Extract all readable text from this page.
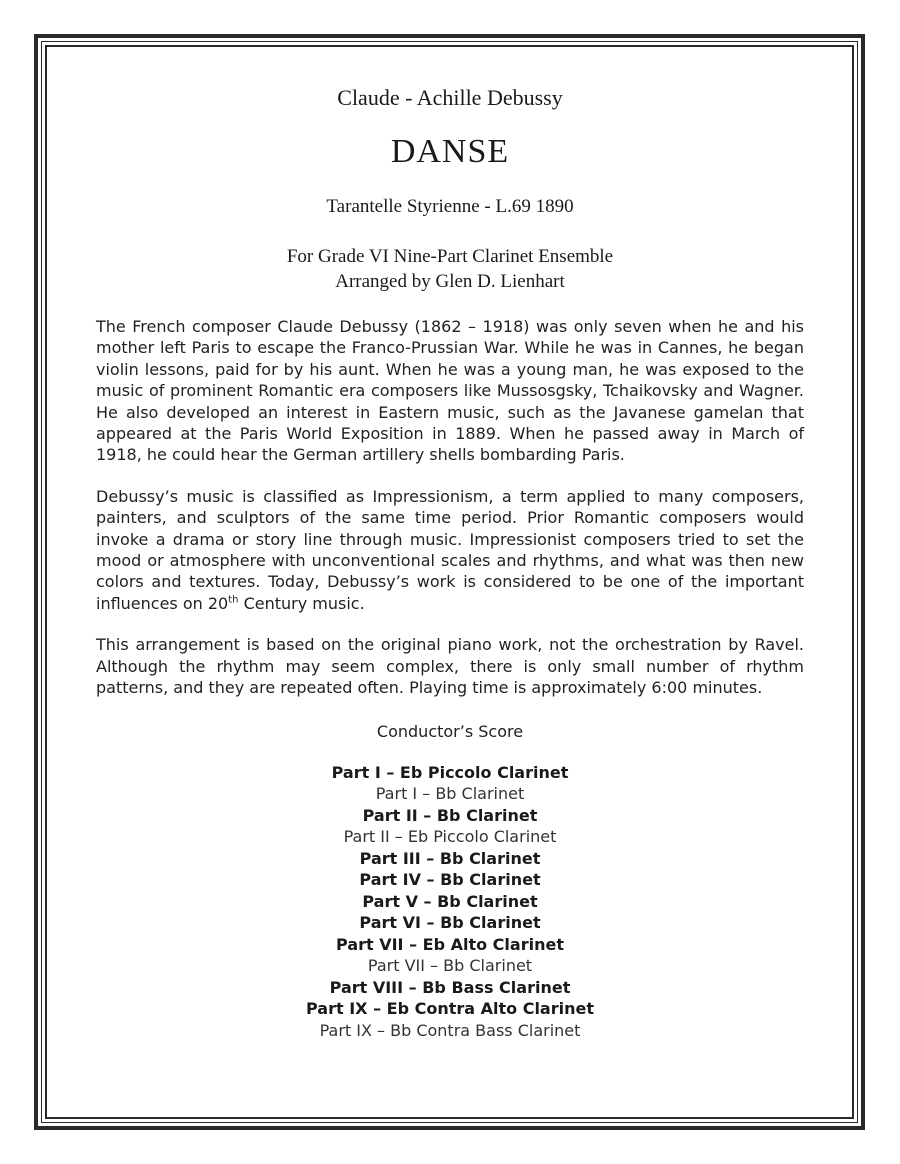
Claude - Achille Debussy

DANSE

Tarantelle Styrienne - L.69 1890

For Grade VI Nine-Part Clarinet Ensemble

Arranged by Glen D. Lienhart

The French composer Claude Debussy (1862 – 1918) was only seven when he and his mother left Paris to escape the Franco-Prussian War. While he was in Cannes, he began violin lessons, paid for by his aunt. When he was a young man, he was exposed to the music of prominent Romantic era composers like Mussosgsky, Tchaikovsky and Wagner. He also developed an interest in Eastern music, such as the Javanese gamelan that appeared at the Paris World Exposition in 1889. When he passed away in March of 1918, he could hear the German artillery shells bombarding Paris.

Debussy’s music is classified as Impressionism, a term applied to many composers, painters, and sculptors of the same time period. Prior Romantic composers would invoke a drama or story line through music. Impressionist composers tried to set the mood or atmosphere with unconventional scales and rhythms, and what was then new colors and textures. Today, Debussy’s work is considered to be one of the important influences on 20th Century music.

This arrangement is based on the original piano work, not the orchestration by Ravel. Although the rhythm may seem complex, there is only small number of rhythm patterns, and they are repeated often. Playing time is approximately 6:00 minutes.

Conductor’s Score

Part I – Eb Piccolo Clarinet
Part I – Bb Clarinet
Part II – Bb Clarinet
Part II – Eb Piccolo Clarinet
Part III – Bb Clarinet
Part IV – Bb Clarinet
Part V – Bb Clarinet
Part VI – Bb Clarinet
Part VII – Eb Alto Clarinet
Part VII – Bb Clarinet
Part VIII – Bb Bass Clarinet
Part IX – Eb Contra Alto Clarinet
Part IX – Bb Contra Bass Clarinet
